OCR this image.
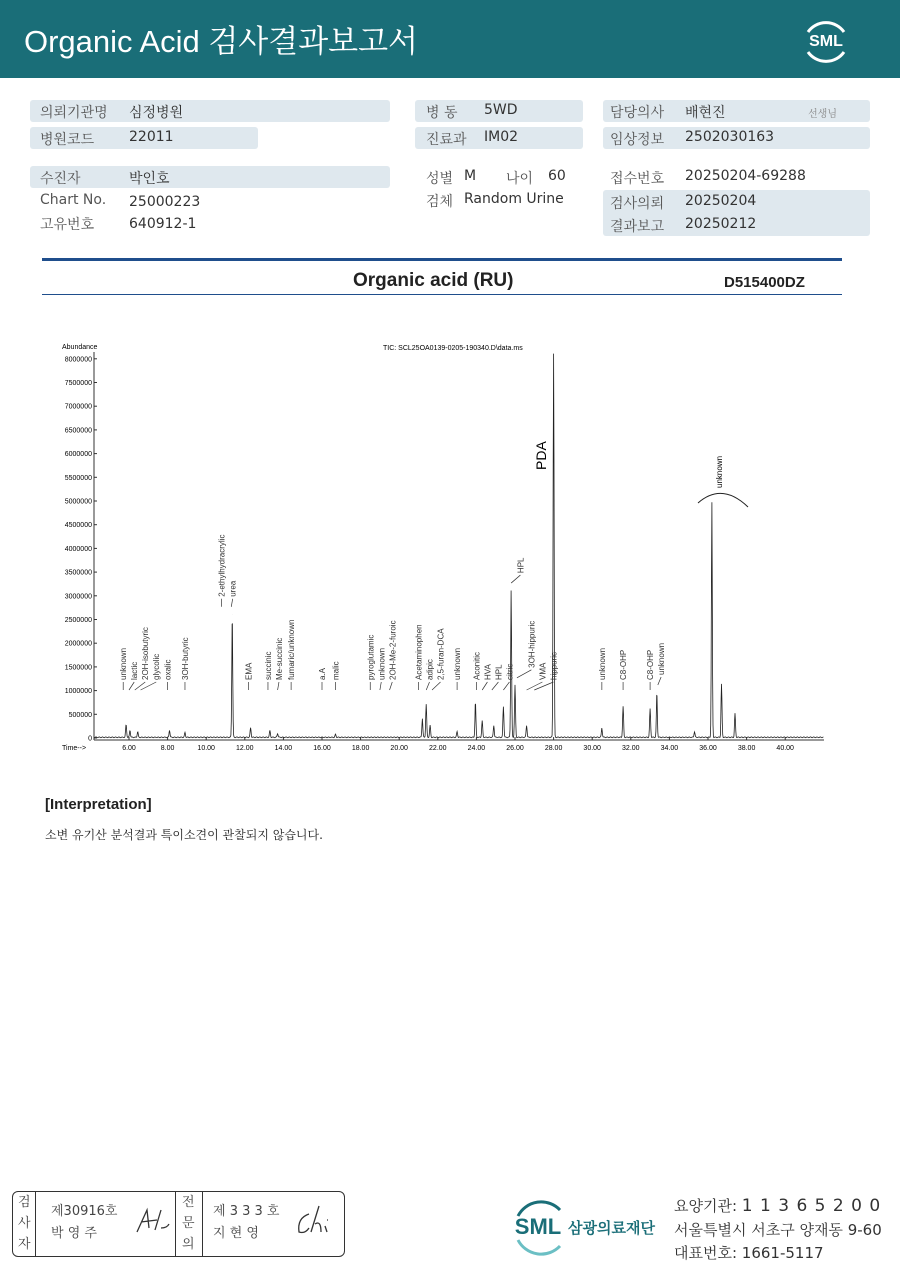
Organic Acid 검사결과보고서	SML
의뢰기관명 심정병원
병원코드 22011
수진자	박인호
Chart No. 25000223
고유번호 640912-1
병 동 5WD
진료과 IM02
성별 M 나이 60
검체 Random Urine
담당의사 배현진	선생님
임상정보 2502030163
접수번호 20250204-69288
검사의뢰 20250204
결과보고 20250212
Organic acid (RU)	D515400DZ
Abundance
Time-->
TIC: SCL25OA0139-0205-190340.D\data.ms
0
500000
1000000
1500000
2000000
2500000
3000000
3500000
4000000
4500000
5000000
5500000
6000000
6500000
7000000
7500000
8000000
6.00	8.00	10.00	12.00	14.00	16.00	18.00	20.00	22.00	24.00	26.00	28.00	30.00	32.00	34.00	36.00	38.00	40.00
unknown lactic 2OH-isobutyric glycolic oxalic 3OH-butyric
2-ethylhydracrylic urea
EMA succinic Me-succinic fumaric/unknown	a.A malic	pyroglutamic unknown 2OH-Me-2-furoic Acetaminophen adipic 2,5-furan-DCA unknown Aconitic HVA HPL citric
HPL
3OH-hippuric
VMA hippuric
PDA
unknown C8-OHP C8-OHP unknown
unknown
[Interpretation]
소변 유기산 분석결과 특이소견이 관찰되지 않습니다.
검
사
자
제30916호
박 영 주
전
문
의
제 3 3 3 호
지 현 영	SML 삼광의료재단
요양기관: 1 1 3 6 5 2 0 0
서울특별시 서초구 양재동 9-60
대표번호: 1661-5117
